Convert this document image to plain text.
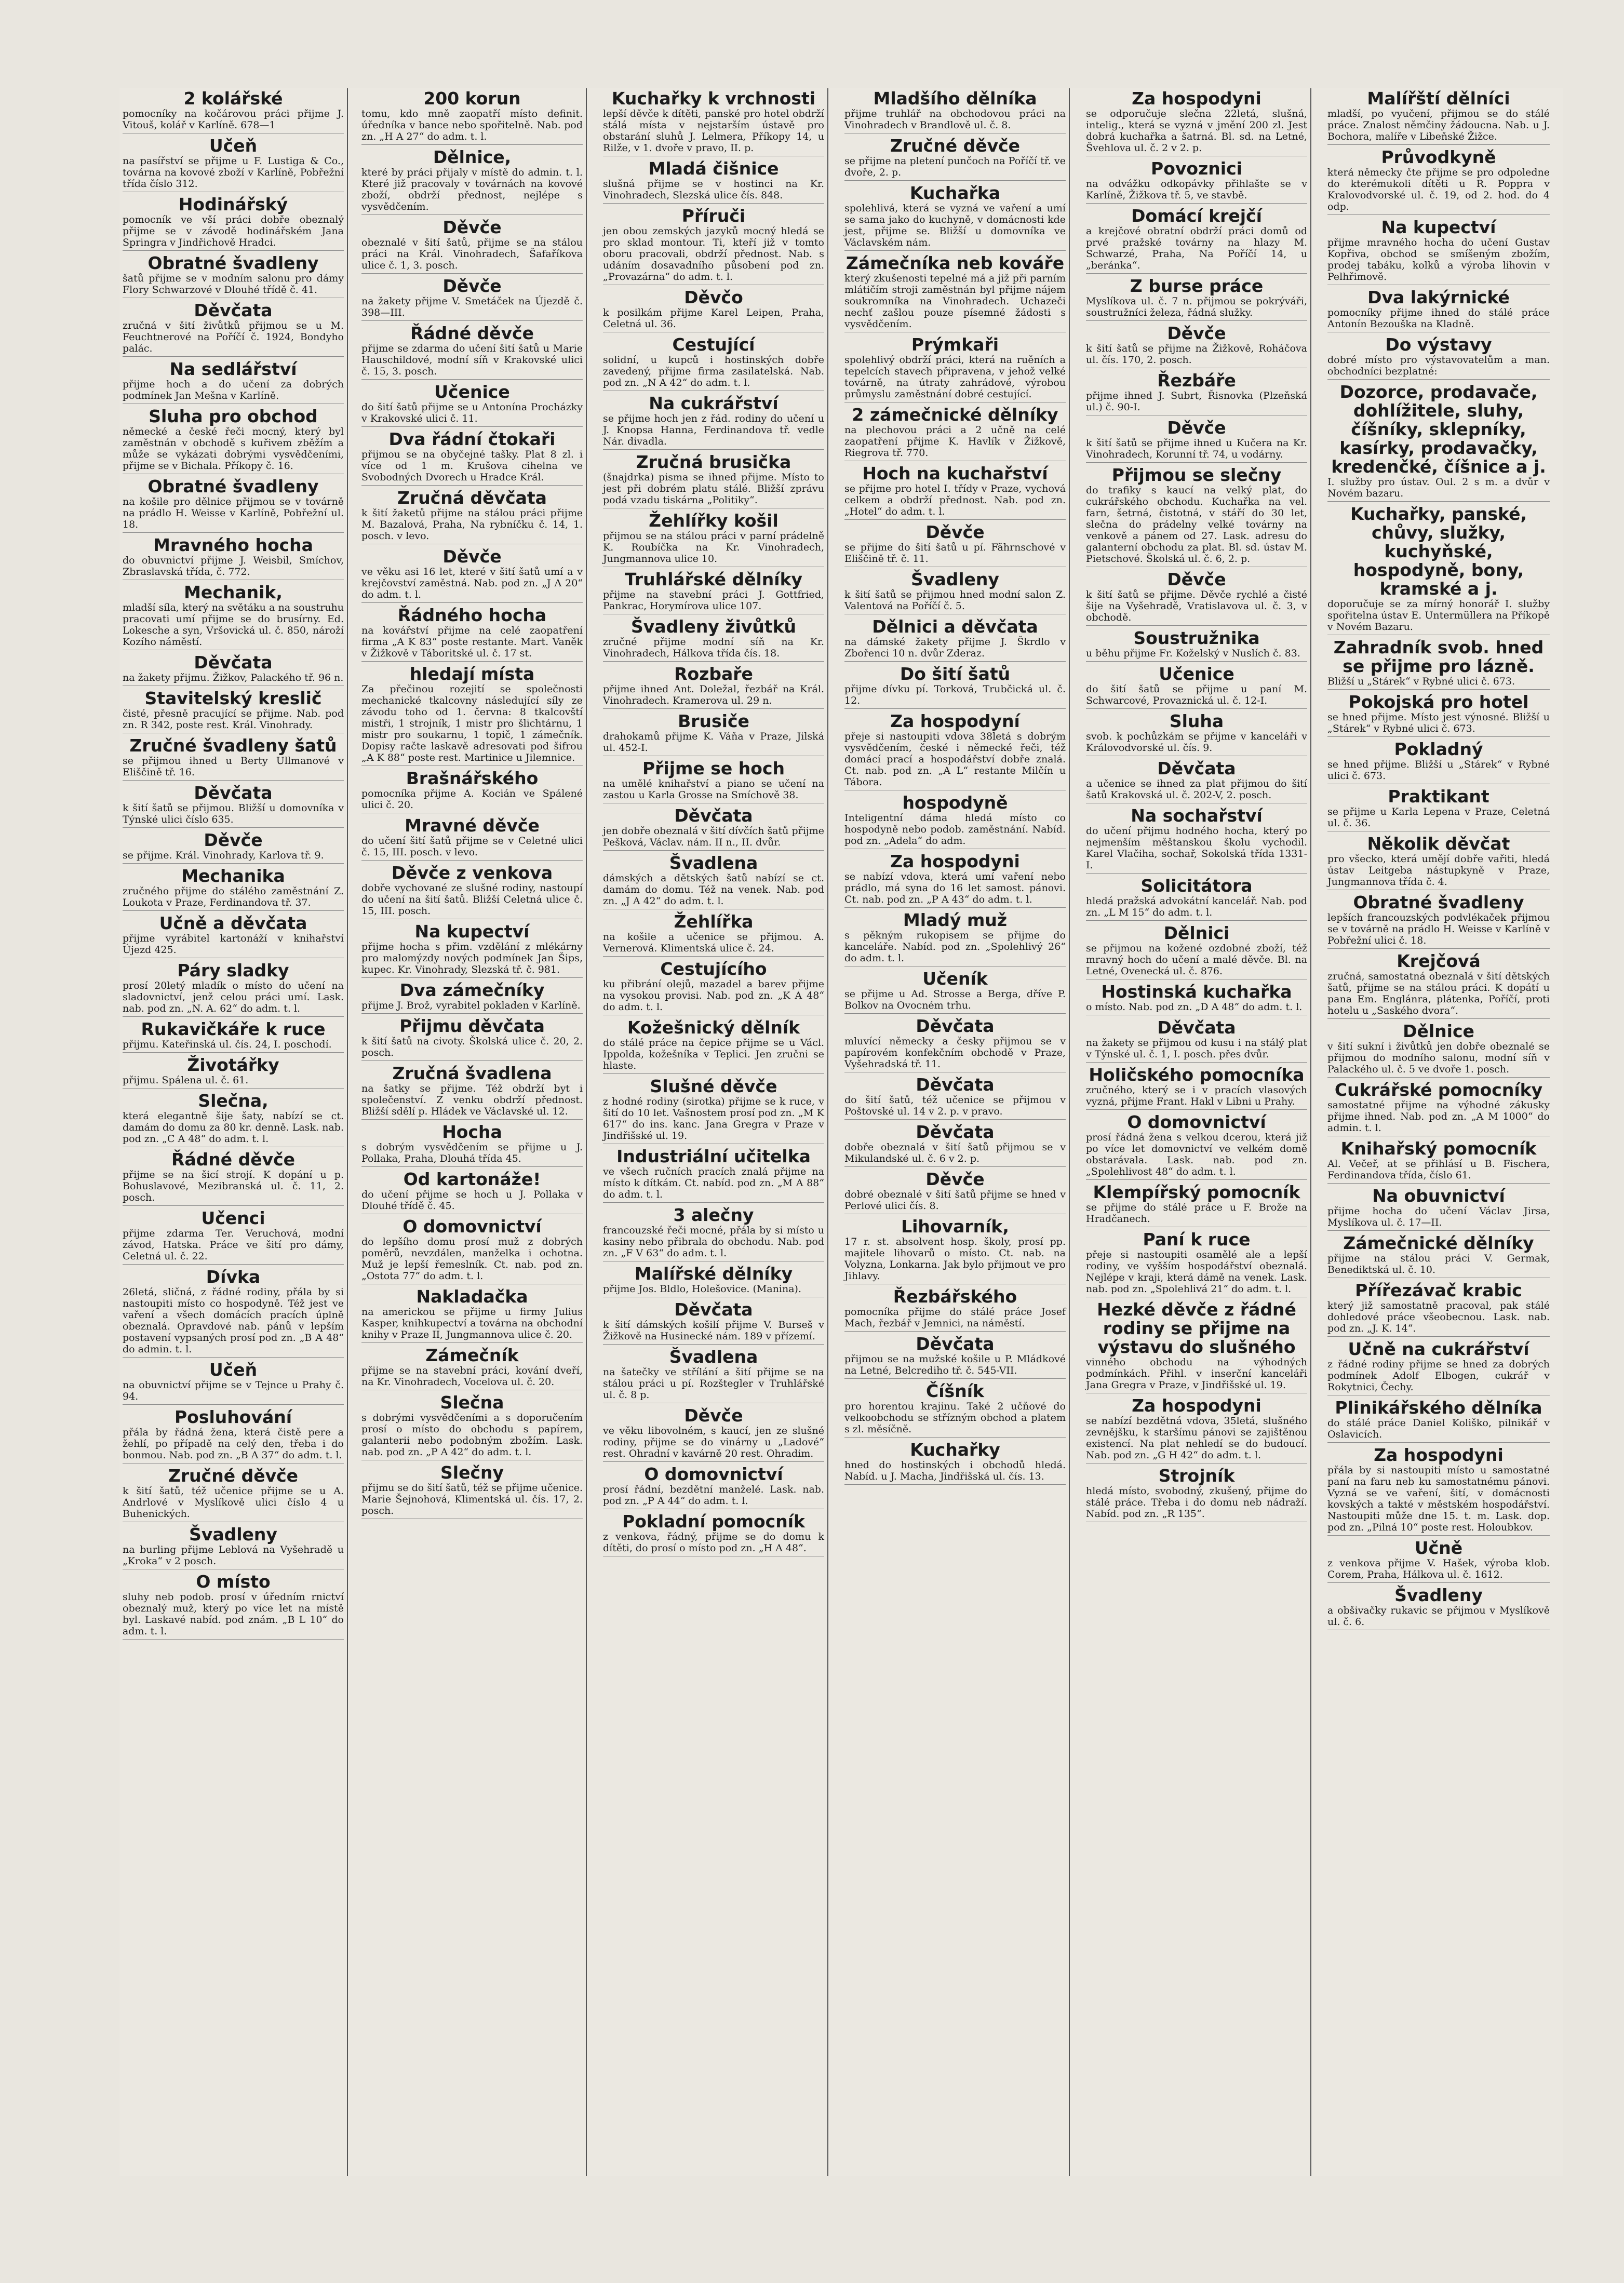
2 kolářské
pomocníky na kočárovou práci přijme J. Vitouš, kolář v Karlíně. 678—1
Učeň
na pasířství se přijme u F. Lustiga & Co., továrna na kovové zboží v Karlíně, Pobřežní třída číslo 312.
Hodinářský
pomocník ve vší práci dobře obeznalý přijme se v závodě hodinářském Jana Springra v Jindřichově Hradci.
Obratné švadleny
šatů přijme se v modním salonu pro dámy Flory Schwarzové v Dlouhé třídě č. 41.
Děvčata
zručná v šití živůtků přijmou se u M. Feuchtnerové na Poříčí č. 1924, Bondyho palác.
Na sedlářství
přijme hoch a do učení za dobrých podmínek Jan Mešna v Karlíně.
Sluha pro obchod
německé a české řeči mocný, který byl zaměstnán v obchodě s kuřivem zběžím a může se vykázati dobrými vysvědčeními, přijme se v Bichala. Příkopy č. 16.
Obratné švadleny
na košile pro dělnice přijmou se v továrně na prádlo H. Weisse v Karlíně, Pobřežní ul. 18.
Mravného hocha
do obuvnictví přijme J. Weisbil, Smíchov, Zbraslavská třída, č. 772.
Mechanik,
mladší síla, který na světáku a na soustruhu pracovati umí přijme se do brusírny. Ed. Lokesche a syn, Vršovická ul. č. 850, nároží Kozího náměstí.
Děvčata
na žakety přijmu. Žižkov, Palackého tř. 96 n.
Stavitelský kreslič
čisté, přesně pracující se přijme. Nab. pod zn. R 342, poste rest. Král. Vinohrady.
Zručné švadleny šatů
se přijmou ihned u Berty Ullmanové v Eliščině tř. 16.
Děvčata
k šití šatů se přijmou. Bližší u domovníka v Týnské ulici číslo 635.
Děvče
se přijme. Král. Vinohrady, Karlova tř. 9.
Mechanika
zručného přijme do stálého zaměstnání Z. Loukota v Praze, Ferdinandova tř. 37.
Učně a děvčata
přijme vyrábitel kartonáží v knihařství Újezd 425.
Páry sladky
prosí 20letý mladík o místo do učení na sladovnictví, jenž celou práci umí. Lask. nab. pod zn. „N. A. 62“ do adm. t. l.
Rukavičkáře k ruce
přijmu. Kateřinská ul. čís. 24, I. poschodí.
Životářky
přijmu. Spálena ul. č. 61.
Slečna,
která elegantně šije šaty, nabízí se ct. damám do domu za 80 kr. denně. Lask. nab. pod zn. „C A 48“ do adm. t. l.
Řádné děvče
přijme se na šicí strojí. K dopání u p. Bohuslavové, Mezibranská ul. č. 11, 2. posch.
Učenci
přijme zdarma Ter. Veruchová, modní závod, Hatska. Práce ve šití pro dámy, Celetná ul. č. 22.
Dívka
26letá, sličná, z řádné rodiny, přála by si nastoupiti místo co hospodyně. Též jest ve vaření a všech domácích pracích úplně obeznalá. Opravdové nab. pánů v lepším postavení vypsaných prosí pod zn. „B A 48“ do admin. t. l.
Učeň
na obuvnictví přijme se v Tejnce u Prahy č. 94.
Posluhování
přála by řádná žena, která čistě pere a žehlí, po případě na celý den, třeba i do bonmou. Nab. pod zn. „B A 37“ do adm. t. l.
Zručné děvče
k šití šatů, též učenice přijme se u A. Andrlové v Myslíkově ulici číslo 4 u Buhenických.
Švadleny
na burling přijme Leblová na Vyšehradě u „Kroka“ v 2 posch.
O místo
sluhy neb podob. prosí v úředním rnictví obeznalý muž, který po více let na místě byl. Laskavé nabíd. pod znám. „B L 10“ do adm. t. l.
200 korun
tomu, kdo mně zaopatří místo definit. úředníka v bance nebo spořitelně. Nab. pod zn. „H A 27“ do adm. t. l.
Dělnice,
které by práci přijaly v místě do admin. t. l. Které již pracovaly v továrnách na kovové zboží, obdrží přednost, nejlépe s vysvědčením.
Děvče
obeznalé v šití šatů, přijme se na stálou práci na Král. Vinohradech, Šafaříkova ulice č. 1, 3. posch.
Děvče
na žakety přijme V. Smetáček na Újezdě č. 398—III.
Řádné děvče
přijme se zdarma do učení šití šatů u Marie Hauschildové, modní síň v Krakovské ulici č. 15, 3. posch.
Učenice
do šití šatů přijme se u Antonína Procházky v Krakovské ulici č. 11.
Dva řádní čtokaři
přijmou se na obyčejné tašky. Plat 8 zl. i více od 1 m. Krušova cihelna ve Svobodných Dvorech u Hradce Král.
Zručná děvčata
k šití žaketů přijme na stálou práci přijme M. Bazalová, Praha, Na rybníčku č. 14, 1. posch. v levo.
Děvče
ve věku asi 16 let, které v šití šatů umí a v krejčovství zaměstná. Nab. pod zn. „J A 20“ do adm. t. l.
Řádného hocha
na kovářství přijme na celé zaopatření firma „A K 83“ poste restante. Mart. Vaněk v Žižkově v Táboritské ul. č. 17 st.
hledají místa
Za přečinou rozejití se společnosti mechanické tkalcovny následující síly ze závodu toho od 1. června: 8 tkalcovští mistři, 1 strojník, 1 mistr pro šlichtárnu, 1 mistr pro soukarnu, 1 topič, 1 zámečník. Dopisy račte laskavě adresovati pod šifrou „A K 88“ poste rest. Martinice u Jilemnice.
Brašnářského
pomocníka přijme A. Kocián ve Spálené ulici č. 20.
Mravné děvče
do učení šití šatů přijme se v Celetné ulici č. 15, III. posch. v levo.
Děvče z venkova
dobře vychované ze slušné rodiny, nastoupí do učení na šití šatů. Bližší Celetná ulice č. 15, III. posch.
Na kupectví
přijme hocha s přim. vzdělání z mlékárny pro malomýzdy nových podmínek Jan Šips, kupec. Kr. Vinohrady, Slezská tř. č. 981.
Dva zámečníky
přijme J. Brož, vyrabitel pokladen v Karlíně.
Přijmu děvčata
k šití šatů na civoty. Školská ulice č. 20, 2. posch.
Zručná švadlena
na šatky se přijme. Též obdrží byt i společenství. Z venku obdrží přednost. Bližší sdělí p. Hládek ve Václavské ul. 12.
Hocha
s dobrým vysvědčením se přijme u J. Pollaka, Praha, Dlouhá třída 45.
Od kartonáže!
do učení přijme se hoch u J. Pollaka v Dlouhé třídě č. 45.
O domovnictví
do lepšího domu prosí muž z dobrých poměrů, nevzdálen, manželka i ochotna. Muž je lepší řemeslník. Ct. nab. pod zn. „Ostota 77“ do adm. t. l.
Nakladačka
na americkou se přijme u firmy Julius Kasper, knihkupectví a továrna na obchodní knihy v Praze II, Jungmannova ulice č. 20.
Zámečník
přijme se na stavební práci, kování dveří, na Kr. Vinohradech, Vocelova ul. č. 20.
Slečna
s dobrými vysvědčeními a s doporučením prosí o místo do obchodu s papírem, galanterii nebo podobným zbožím. Lask. nab. pod zn. „P A 42“ do adm. t. l.
Slečny
přijmu se do šití šatů, též se přijme učenice. Marie Šejnohová, Klimentská ul. čís. 17, 2. posch.
Kuchařky k vrchnosti
lepší děvče k dítěti, panské pro hotel obdrží stálá místa v nejstarším ústavě pro obstarání sluhů J. Lelmera, Příkopy 14, u Rilže, v 1. dvoře v pravo, II. p.
Mladá čišnice
slušná přijme se v hostinci na Kr. Vinohradech, Slezská ulice čís. 848.
Příruči
jen obou zemských jazyků mocný hledá se pro sklad montour. Ti, kteří již v tomto oboru pracovali, obdrží přednost. Nab. s udáním dosavadního působení pod zn. „Provazárna“ do adm. t. l.
Děvčo
k posilkám přijme Karel Leipen, Praha, Celetná ul. 36.
Cestující
solidní, u kupců i hostinských dobře zavedený, přijme firma zasilatelská. Nab. pod zn. „N A 42“ do adm. t. l.
Na cukrářství
se přijme hoch jen z řád. rodiny do učení u J. Knopsa Hanna, Ferdinandova tř. vedle Nár. divadla.
Zručná brusička
(šnajdrka) pisma se ihned přijme. Místo to jest při dobrém platu stálé. Bližší zprávu podá vzadu tiskárna „Politiky“.
Žehlířky košil
přijmou se na stálou práci v parní prádelně K. Roubíčka na Kr. Vinohradech, Jungmannova ulice 10.
Truhlářské dělníky
přijme na stavební práci J. Gottfried, Pankrac, Horymírova ulice 107.
Švadleny živůtků
zručné přijme modní síň na Kr. Vinohradech, Hálkova třída čís. 18.
Rozbaře
přijme ihned Ant. Doležal, řezbář na Král. Vinohradech. Kramerova ul. 29 n.
Brusiče
drahokamů přijme K. Váňa v Praze, Jilská ul. 452-I.
Přijme se hoch
na umělé knihařství a piano se učení na zastou u Karla Grosse na Smíchově 38.
Děvčata
jen dobře obeznalá v šití dívčích šatů přijme Pešková, Václav. nám. II n., II. dvůr.
Švadlena
dámských a dětských šatů nabízí se ct. damám do domu. Též na venek. Nab. pod zn. „J A 42“ do adm. t. l.
Žehlířka
na košile a učenice se přijmou. A. Vernerová. Klimentská ulice č. 24.
Cestujícího
ku přibrání olejů, mazadel a barev přijme na vysokou provisi. Nab. pod zn. „K A 48“ do adm. t. l.
Kožešnický dělník
do stálé práce na čepice přijme se u Václ. Ippolda, kožešníka v Teplici. Jen zručni se hlaste.
Slušné děvče
z hodné rodiny (sirotka) přijme se k ruce, v šití do 10 let. Vašnostem prosí pod zn. „M K 617“ do ins. kanc. Jana Gregra v Praze v Jindřišské ul. 19.
Industriální učitelka
ve všech ručních pracích znalá přijme na místo k dítkám. Ct. nabíd. pod zn. „M A 88“ do adm. t. l.
3 alečny
francouzské řeči mocné, přála by si místo u kasiny nebo přibrala do obchodu. Nab. pod zn. „F V 63“ do adm. t. l.
Malířské dělníky
přijme Jos. Bldlo, Holešovice. (Manina).
Děvčata
k šití dámských košilí přijme V. Burseš v Žižkově na Husinecké nám. 189 v přízemí.
Švadlena
na šatečky ve střílání a šití přijme se na stálou práci u pí. Rozštegler v Truhlářské ul. č. 8 p.
Děvče
ve věku libovolném, s kaucí, jen ze slušné rodiny, přijme se do vinárny u „Ladové“ rest. Ohradní v kavárně 20 rest. Ohradim.
O domovnictví
prosí řádní, bezdětní manželé. Lask. nab. pod zn. „P A 44“ do adm. t. l.
Pokladní pomocník
z venkova, řádný, přijme se do domu k dítěti, do prosí o místo pod zn. „H A 48“.
Mladšího dělníka
přijme truhlář na obchodovou práci na Vinohradech v Brandlově ul. č. 8.
Zručné děvče
se přijme na pletení punčoch na Poříčí tř. ve dvoře, 2. p.
Kuchařka
spolehlivá, která se vyzná ve vaření a umí se sama jako do kuchyně, v domácnosti kde jest, přijme se. Bližší u domovníka ve Václavském nám.
Zámečníka neb kováře
který zkušenosti tepelné má a již při parním mlátičím stroji zaměstnán byl přijme nájem soukromníka na Vinohradech. Uchazeči nechť zašlou pouze písemné žádosti s vysvědčením.
Prýmkaři
spolehlivý obdrží práci, která na ruěních a tepelcích stavech připravena, v jehož velké továrně, na útraty zahrádové, výrobou průmyslu zaměstnání dobré cestující.
2 zámečnické dělníky
na plechovou práci a 2 učně na celé zaopatření přijme K. Havlík v Žižkově, Riegrova tř. 770.
Hoch na kuchařství
se přijme pro hotel I. třídy v Praze, vychová celkem a obdrží přednost. Nab. pod zn. „Hotel“ do adm. t. l.
Děvče
se přijme do šití šatů u pí. Fährnschové v Eliščině tř. č. 11.
Švadleny
k šití šatů se přijmou hned modní salon Z. Valentová na Poříčí č. 5.
Dělnici a děvčata
na dámské žakety přijme J. Škrdlo v Zbořenci 10 n. dvůr Zderaz.
Do šití šatů
přijme dívku pí. Torková, Trubčická ul. č. 12.
Za hospodyní
přeje si nastoupiti vdova 38letá s dobrým vysvědčením, české i německé řeči, též domácí prací a hospodářství dobře znalá. Ct. nab. pod zn. „A L“ restante Milčín u Tábora.
hospodyně
Inteligentní dáma hledá místo co hospodyně nebo podob. zaměstnání. Nabíd. pod zn. „Adela“ do adm.
Za hospodyni
se nabízí vdova, která umí vaření nebo prádlo, má syna do 16 let samost. pánovi. Ct. nab. pod zn. „P A 43“ do adm. t. l.
Mladý muž
s pěkným rukopisem se přijme do kanceláře. Nabíd. pod zn. „Spolehlivý 26“ do adm. t. l.
Učeník
se přijme u Ad. Strosse a Berga, dříve P. Bolkov na Ovocném trhu.
Děvčata
mluvící německy a česky přijmou se v papírovém konfekčním obchodě v Praze, Vyšehradská tř. 11.
Děvčata
do šití šatů, též učenice se přijmou v Poštovské ul. 14 v 2. p. v pravo.
Děvčata
dobře obeznalá v šití šatů přijmou se v Mikulandské ul. č. 6 v 2. p.
Děvče
dobré obeznalé v šití šatů přijme se hned v Perlové ulici čís. 8.
Lihovarník,
17 r. st. absolvent hosp. školy, prosí pp. majitele lihovarů o místo. Ct. nab. na Volyzna, Lonkarna. Jak bylo přijmout ve pro Jihlavy.
Řezbářského
pomocníka přijme do stálé práce Josef Mach, řezbář v Jemnici, na náměstí.
Děvčata
přijmou se na mužské košile u P. Mládkové na Letné, Belcrediho tř. č. 545-VII.
Číšník
pro horentou krajinu. Také 2 učňové do velkoobchodu se střízným obchod a platem s zl. měsíčně.
Kuchařky
hned do hostinských i obchodů hledá. Nabíd. u J. Macha, Jindřišská ul. čís. 13.
Za hospodyni
se odporučuje slečna 22letá, slušná, intelig., která se vyzná v jmění 200 zl. Jest dobrá kuchařka a šatrná. Bl. sd. na Letné, Švehlova ul. č. 2 v 2. p.
Povoznici
na odvážku odkopávky přihlašte se v Karlíně, Žižkova tř. 5, ve stavbě.
Domácí krejčí
a krejčové obratní obdrží práci domů od prvé pražské továrny na hlazy M. Schwarzé, Praha, Na Poříčí 14, u „beránka“.
Z burse práce
Myslíkova ul. č. 7 n. přijmou se pokrýváři, soustružníci železa, řádná služky.
Děvče
k šití šatů se přijme na Žižkově, Roháčova ul. čís. 170, 2. posch.
Řezbáře
přijme ihned J. Subrt, Řisnovka (Plzeňská ul.) č. 90-I.
Děvče
k šití šatů se přijme ihned u Kučera na Kr. Vinohradech, Korunní tř. 74, u vodárny.
Přijmou se slečny
do trafiky s kaucí na velký plat, do cukrářského obchodu. Kuchařka na vel. farn, šetrná, čistotná, v stáří do 30 let, slečna do prádelny velké továrny na venkově a pánem od 27. Lask. adresu do galanterní obchodu za plat. Bl. sd. ústav M. Pietschové. Školská ul. č. 6, 2. p.
Děvče
k šití šatů se přijme. Děvče rychlé a čisté šije na Vyšehradě, Vratislavova ul. č. 3, v obchodě.
Soustružnika
u běhu přijme Fr. Koželský v Nuslích č. 83.
Učenice
do šití šatů se přijme u paní M. Schwarcové, Provaznická ul. č. 12-I.
Sluha
svob. k pochůzkám se přijme v kanceláři v Královodvorské ul. čís. 9.
Děvčata
a učenice se ihned za plat přijmou do šití šatů Krakovská ul. č. 202-V, 2. posch.
Na sochařství
do učení přijmu hodného hocha, který po nejmenším měštanskou školu vychodil. Karel Vlačiha, sochař, Sokolská třída 1331-I.
Solicitátora
hledá pražská advokátní kancelář. Nab. pod zn. „L M 15“ do adm. t. l.
Dělnici
se přijmou na kožené ozdobné zboží, též mravný hoch do učení a malé děvče. Bl. na Letné, Ovenecká ul. č. 876.
Hostinská kuchařka
o místo. Nab. pod zn. „D A 48“ do adm. t. l.
Děvčata
na žakety se přijmou od kusu i na stálý plat v Týnské ul. č. 1, I. posch. přes dvůr.
Holičského pomocníka
zručného, který se i v pracích vlasových vyzná, přijme Frant. Hakl v Libni u Prahy.
O domovnictví
prosí řádná žena s velkou dcerou, která již po více let domovnictví ve velkém domě obstarávala. Lask. nab. pod zn. „Spolehlivost 48“ do adm. t. l.
Klempířský pomocník
se přijme do stálé práce u F. Brože na Hradčanech.
Paní k ruce
přeje si nastoupiti osamělé ale a lepší rodiny, ve vyšším hospodářství obeznalá. Nejlépe v kraji, která dámě na venek. Lask. nab. pod zn. „Spolehlivá 21“ do adm. t. l.
Hezké děvče z řádné rodiny se přijme na výstavu do slušného
vinného obchodu na výhodných podmínkách. Přihl. v inserční kanceláři Jana Gregra v Praze, v Jindřišské ul. 19.
Za hospodyni
se nabízí bezdětná vdova, 35letá, slušného zevnějšku, k staršímu pánovi se zajištěnou existencí. Na plat nehledí se do budoucí. Nab. pod zn. „G H 42“ do adm. t. l.
Strojník
hledá místo, svobodný, zkušený, přijme do stálé práce. Třeba i do domu neb nádraží. Nabíd. pod zn. „R 135“.
Malířští dělníci
mladší, po vyučení, přijmou se do stálé práce. Znalost němčiny žádoucna. Nab. u J. Bochora, malíře v Libeňské Žižce.
Průvodkyně
která německy čte přijme se pro odpoledne do kterémukoli dítěti u R. Poppra v Kralovodvorské ul. č. 19, od 2. hod. do 4 odp.
Na kupectví
přijme mravného hocha do učení Gustav Kopřiva, obchod se smíšeným zbožím, prodej tabáku, kolků a výroba lihovin v Pelhřimově.
Dva lakýrnické
pomocníky přijme ihned do stálé práce Antonín Bezouška na Kladně.
Do výstavy
dobré místo pro výstavovatelům a man. obchodníci bezplatné:
Dozorce, prodavače, dohlížitele, sluhy, číšníky, sklepníky, kasírky, prodavačky, kredenčké, číšnice a j.
I. služby pro ústav. Oul. 2 s m. a dvůr v Novém bazaru.
Kuchařky, panské, chůvy, služky, kuchyňské, hospodyně, bony, kramské a j.
doporučuje se za mírný honorář I. služby spořitelna ústav E. Untermüllera na Příkopě v Novém Bazaru.
Zahradník svob. hned se přijme pro lázně.
Bližší u „Stárek“ v Rybné ulici č. 673.
Pokojská pro hotel
se hned přijme. Místo jest výnosné. Bližší u „Stárek“ v Rybné ulici č. 673.
Pokladný
se hned přijme. Bližší u „Stárek“ v Rybné ulici č. 673.
Praktikant
se přijme u Karla Lepena v Praze, Celetná ul. č. 36.
Několik děvčat
pro všecko, která umějí dobře vařiti, hledá ústav Leitgeba nástupkyně v Praze, Jungmannova třída č. 4.
Obratné švadleny
lepších francouzských podvlékaček přijmou se v továrně na prádlo H. Weisse v Karlíně v Pobřežní ulici č. 18.
Krejčová
zručná, samostatná obeznalá v šití dětských šatů, přijme se na stálou práci. K dopátí u pana Em. Englánra, plátenka, Poříčí, proti hotelu u „Saského dvora“.
Dělnice
v šití sukní i živůtků jen dobře obeznalé se přijmou do modního salonu, modní síň v Palackého ul. č. 5 ve dvoře 1. posch.
Cukrářské pomocníky
samostatné přijme na výhodné zákusky přijme ihned. Nab. pod zn. „A M 1000“ do admin. t. l.
Knihařský pomocník
Al. Večeř, at se přihlásí u B. Fischera, Ferdinandova třída, číslo 61.
Na obuvnictví
přijme hocha do učení Václav Jirsa, Myslíkova ul. č. 17—II.
Zámečnické dělníky
přijme na stálou práci V. Germak, Benediktská ul. č. 10.
Přířezávač krabic
který již samostatně pracoval, pak stálé dohledové práce všeobecnou. Lask. nab. pod zn. „J. K. 14“.
Učně na cukrářství
z řádné rodiny přijme se hned za dobrých podmínek Adolf Elbogen, cukrář v Rokytnici, Čechy.
Plinikářského dělníka
do stálé práce Daniel Koliško, pilnikář v Oslavicích.
Za hospodyni
přála by si nastoupiti místo u samostatné paní na faru neb ku samostatnému pánovi. Vyzná se ve vaření, šití, v domácnosti kovských a takté v městském hospodářství. Nastoupiti může dne 15. t. m. Lask. dop. pod zn. „Pilná 10“ poste rest. Holoubkov.
Učně
z venkova přijme V. Hašek, výroba klob. Corem, Praha, Hálkova ul. č. 1612.
Švadleny
a obšivačky rukavic se přijmou v Myslíkově ul. č. 6.
